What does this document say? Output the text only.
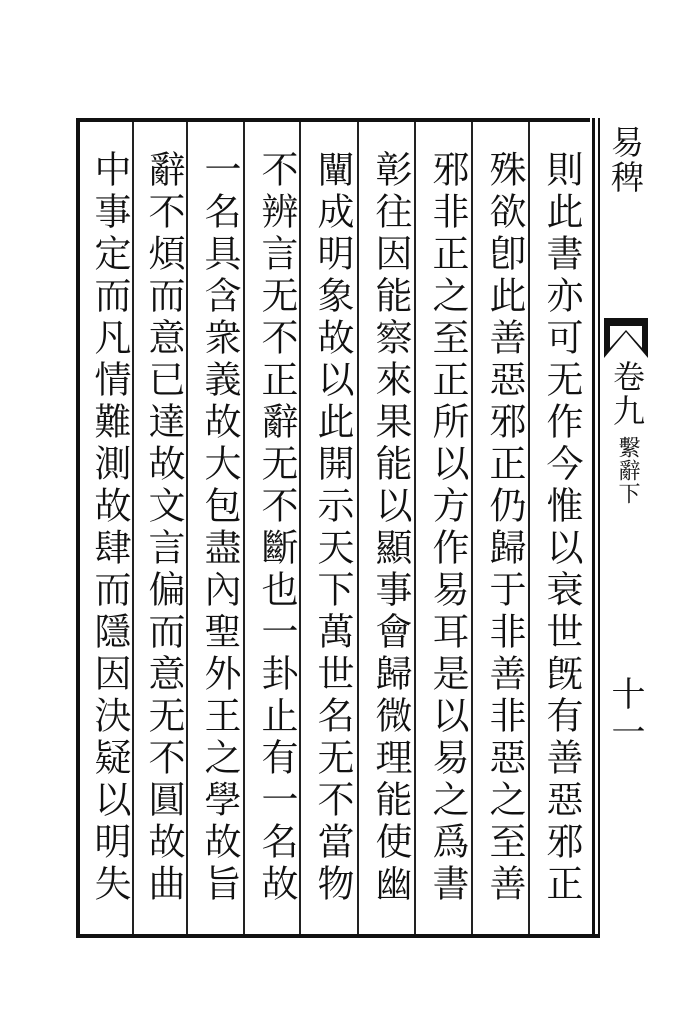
則此書亦可无作今惟以衰世旣有善惡邪正
殊欲卽此善惡邪正仍歸于非善非惡之至善
邪非正之至正所以方作易耳是以易之爲書
彰往因能察來果能以顯事會歸微理能使幽
闡成明象故以此開示天下萬世名无不當物
不辨言无不正辭无不斷也一卦止有一名故
一名具含衆義故大包盡內聖外王之學故旨
辭不煩而意已達故文言偏而意无不圓故曲
中事定而凡情難測故肆而隱因決疑以明失
易稗
卷九
繫辭下
十一
